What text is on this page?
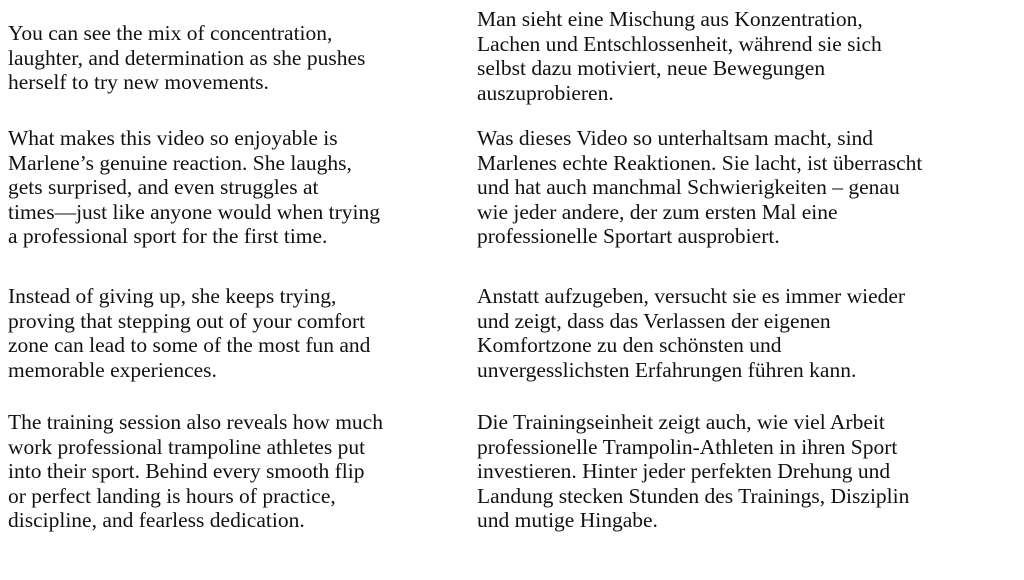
You can see the mix of concentration,
laughter, and determination as she pushes
herself to try new movements.
Man sieht eine Mischung aus Konzentration,
Lachen und Entschlossenheit, während sie sich
selbst dazu motiviert, neue Bewegungen
auszuprobieren.
What makes this video so enjoyable is
Marlene’s genuine reaction. She laughs,
gets surprised, and even struggles at
times—just like anyone would when trying
a professional sport for the first time.
Was dieses Video so unterhaltsam macht, sind
Marlenes echte Reaktionen. Sie lacht, ist überrascht
und hat auch manchmal Schwierigkeiten – genau
wie jeder andere, der zum ersten Mal eine
professionelle Sportart ausprobiert.
Instead of giving up, she keeps trying,
proving that stepping out of your comfort
zone can lead to some of the most fun and
memorable experiences.
Anstatt aufzugeben, versucht sie es immer wieder
und zeigt, dass das Verlassen der eigenen
Komfortzone zu den schönsten und
unvergesslichsten Erfahrungen führen kann.
The training session also reveals how much
work professional trampoline athletes put
into their sport. Behind every smooth flip
or perfect landing is hours of practice,
discipline, and fearless dedication.
Die Trainingseinheit zeigt auch, wie viel Arbeit
professionelle Trampolin-Athleten in ihren Sport
investieren. Hinter jeder perfekten Drehung und
Landung stecken Stunden des Trainings, Disziplin
und mutige Hingabe.
